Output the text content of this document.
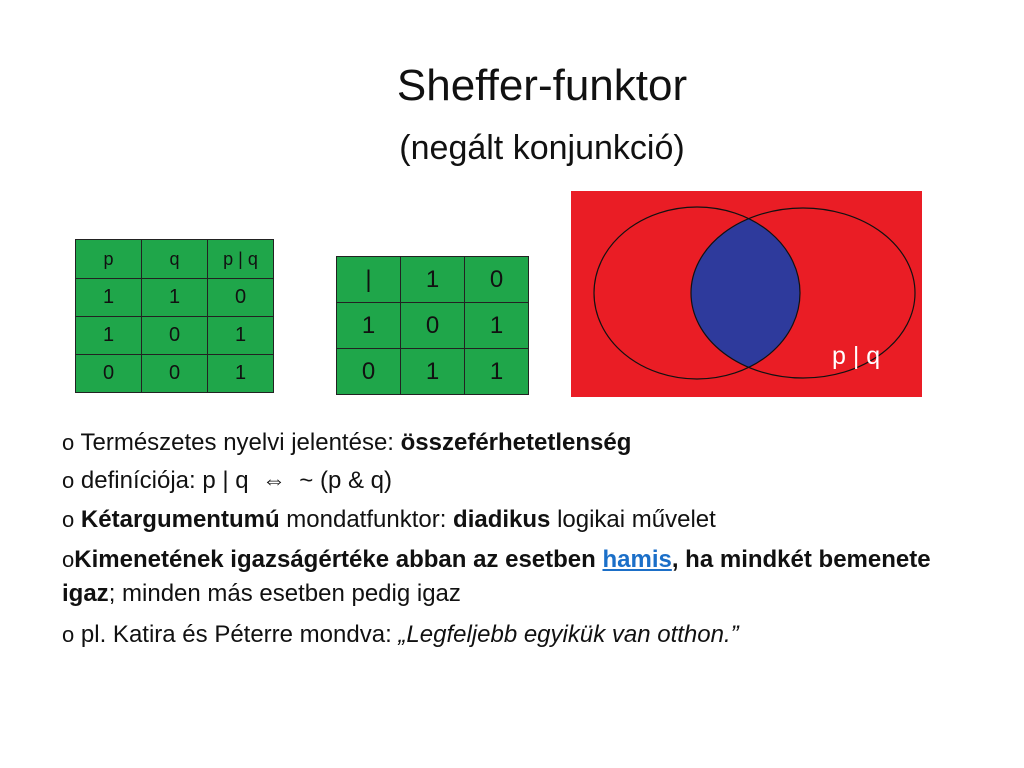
Sheffer-funktor
(negált konjunkció)
p	q	p | q
1	1	0
1	0	1
0	0	1
|	1	0
1	0	1
0	1	1
p | q

o Természetes nyelvi jelentése: összeférhetetlenség

o definíciója: p | q  ⇔ ~ (p & q)

o Kétargumentumú mondatfunktor: diadikus logikai művelet

oKimenetének igazságértéke abban az esetben hamis, ha mindkét bemenete igaz; minden más esetben pedig igaz

o pl. Katira és Péterre mondva: „Legfeljebb egyikük van otthon.”
